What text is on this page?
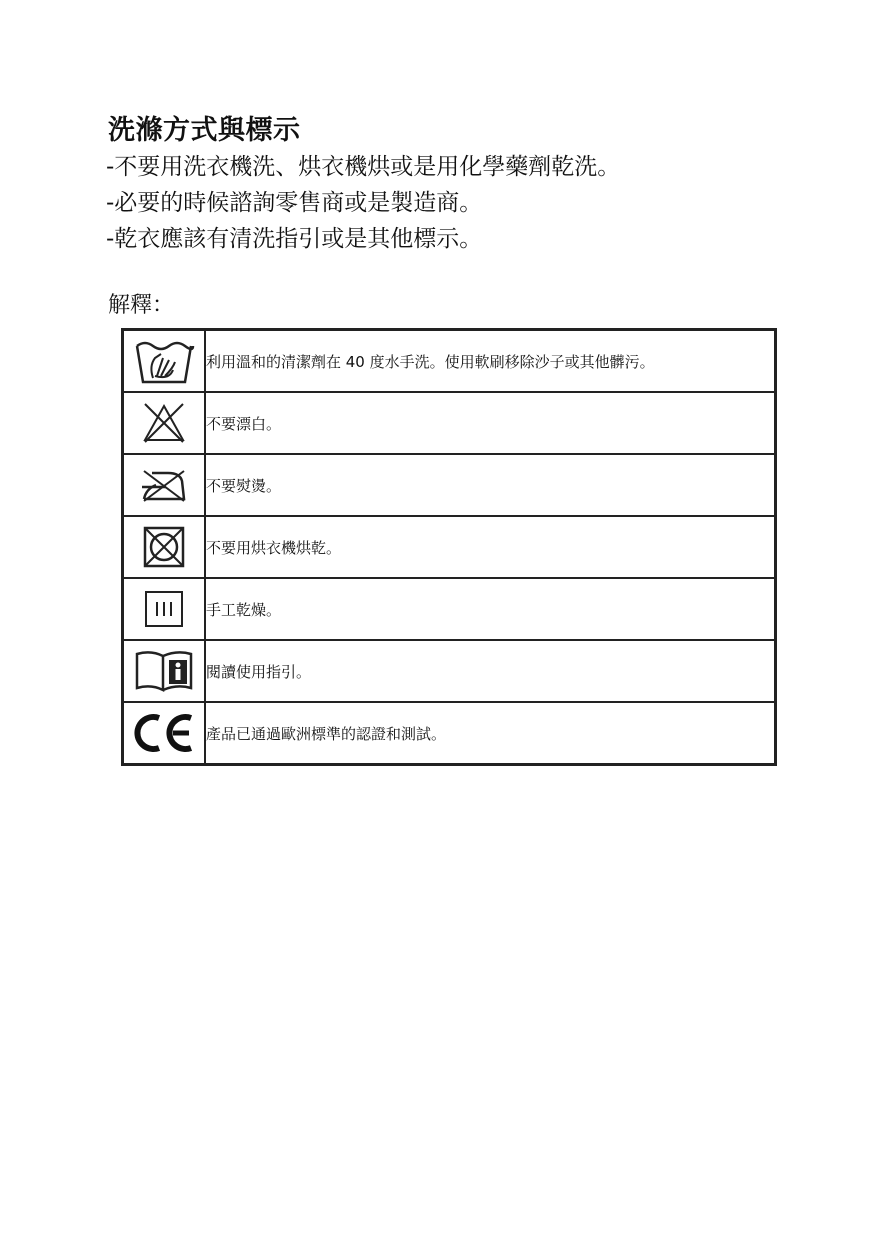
洗滌方式與標示
-不要用洗衣機洗、烘衣機烘或是用化學藥劑乾洗。
-必要的時候諮詢零售商或是製造商。
-乾衣應該有清洗指引或是其他標示。
解釋：
	利用溫和的清潔劑在 40 度水手洗。使用軟刷移除沙子或其他髒污。

	不要漂白。

	不要熨燙。

	不要用烘衣機烘乾。

	手工乾燥。

	閱讀使用指引。

	產品已通過歐洲標準的認證和測試。
